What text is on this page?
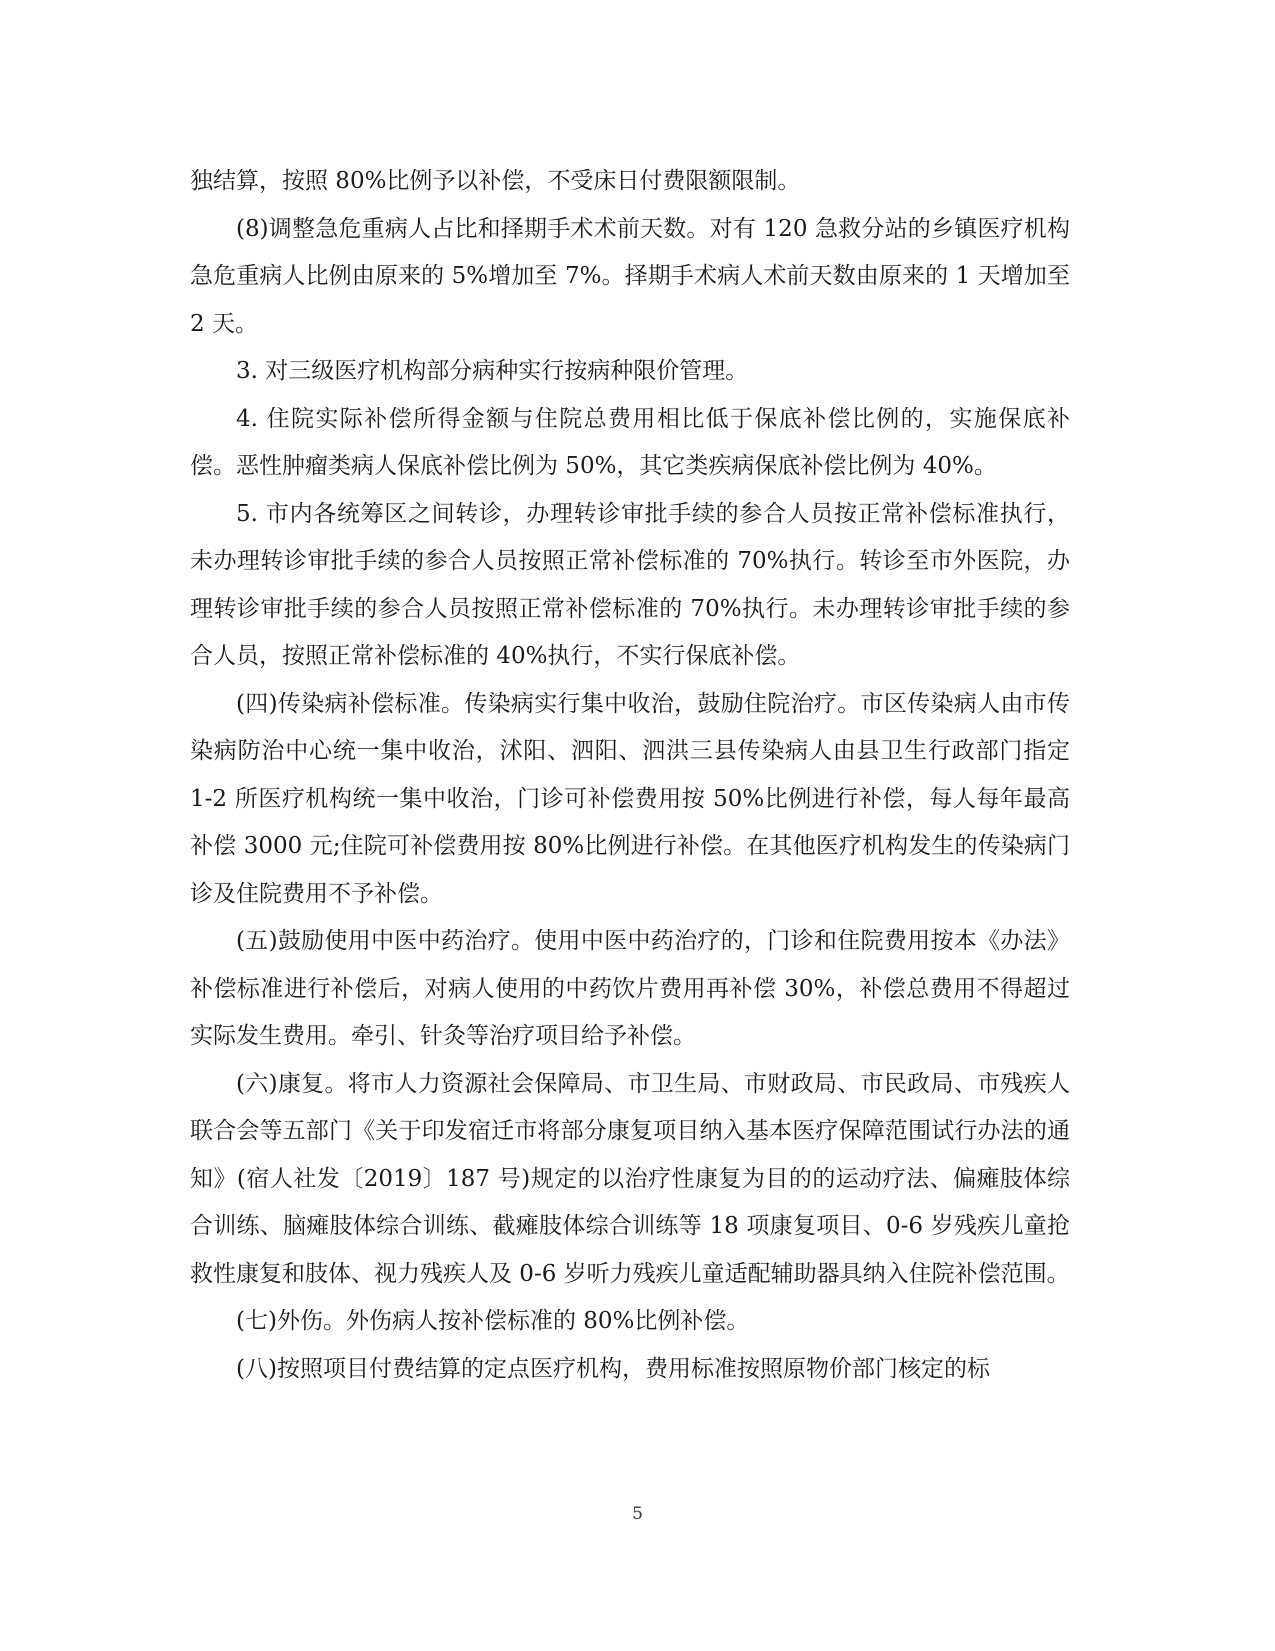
独结算，按照 80%比例予以补偿，不受床日付费限额限制。

(8)调整急危重病人占比和择期手术术前天数。对有 120 急救分站的乡镇医疗机构急危重病人比例由原来的 5%增加至 7%。择期手术病人术前天数由原来的 1 天增加至 2 天。

3. 对三级医疗机构部分病种实行按病种限价管理。

4. 住院实际补偿所得金额与住院总费用相比低于保底补偿比例的，实施保底补偿。恶性肿瘤类病人保底补偿比例为 50%，其它类疾病保底补偿比例为 40%。

5. 市内各统筹区之间转诊，办理转诊审批手续的参合人员按正常补偿标准执行，未办理转诊审批手续的参合人员按照正常补偿标准的 70%执行。转诊至市外医院，办理转诊审批手续的参合人员按照正常补偿标准的 70%执行。未办理转诊审批手续的参合人员，按照正常补偿标准的 40%执行，不实行保底补偿。

(四)传染病补偿标准。传染病实行集中收治，鼓励住院治疗。市区传染病人由市传染病防治中心统一集中收治，沭阳、泗阳、泗洪三县传染病人由县卫生行政部门指定 1-2 所医疗机构统一集中收治，门诊可补偿费用按 50%比例进行补偿，每人每年最高补偿 3000 元;住院可补偿费用按 80%比例进行补偿。在其他医疗机构发生的传染病门诊及住院费用不予补偿。

(五)鼓励使用中医中药治疗。使用中医中药治疗的，门诊和住院费用按本《办法》补偿标准进行补偿后，对病人使用的中药饮片费用再补偿 30%，补偿总费用不得超过实际发生费用。牵引、针灸等治疗项目给予补偿。

(六)康复。将市人力资源社会保障局、市卫生局、市财政局、市民政局、市残疾人联合会等五部门《关于印发宿迁市将部分康复项目纳入基本医疗保障范围试行办法的通知》(宿人社发〔2019〕187 号)规定的以治疗性康复为目的的运动疗法、偏瘫肢体综合训练、脑瘫肢体综合训练、截瘫肢体综合训练等 18 项康复项目、0-6 岁残疾儿童抢救性康复和肢体、视力残疾人及 0-6 岁听力残疾儿童适配辅助器具纳入住院补偿范围。

(七)外伤。外伤病人按补偿标准的 80%比例补偿。

(八)按照项目付费结算的定点医疗机构，费用标准按照原物价部门核定的标

5
